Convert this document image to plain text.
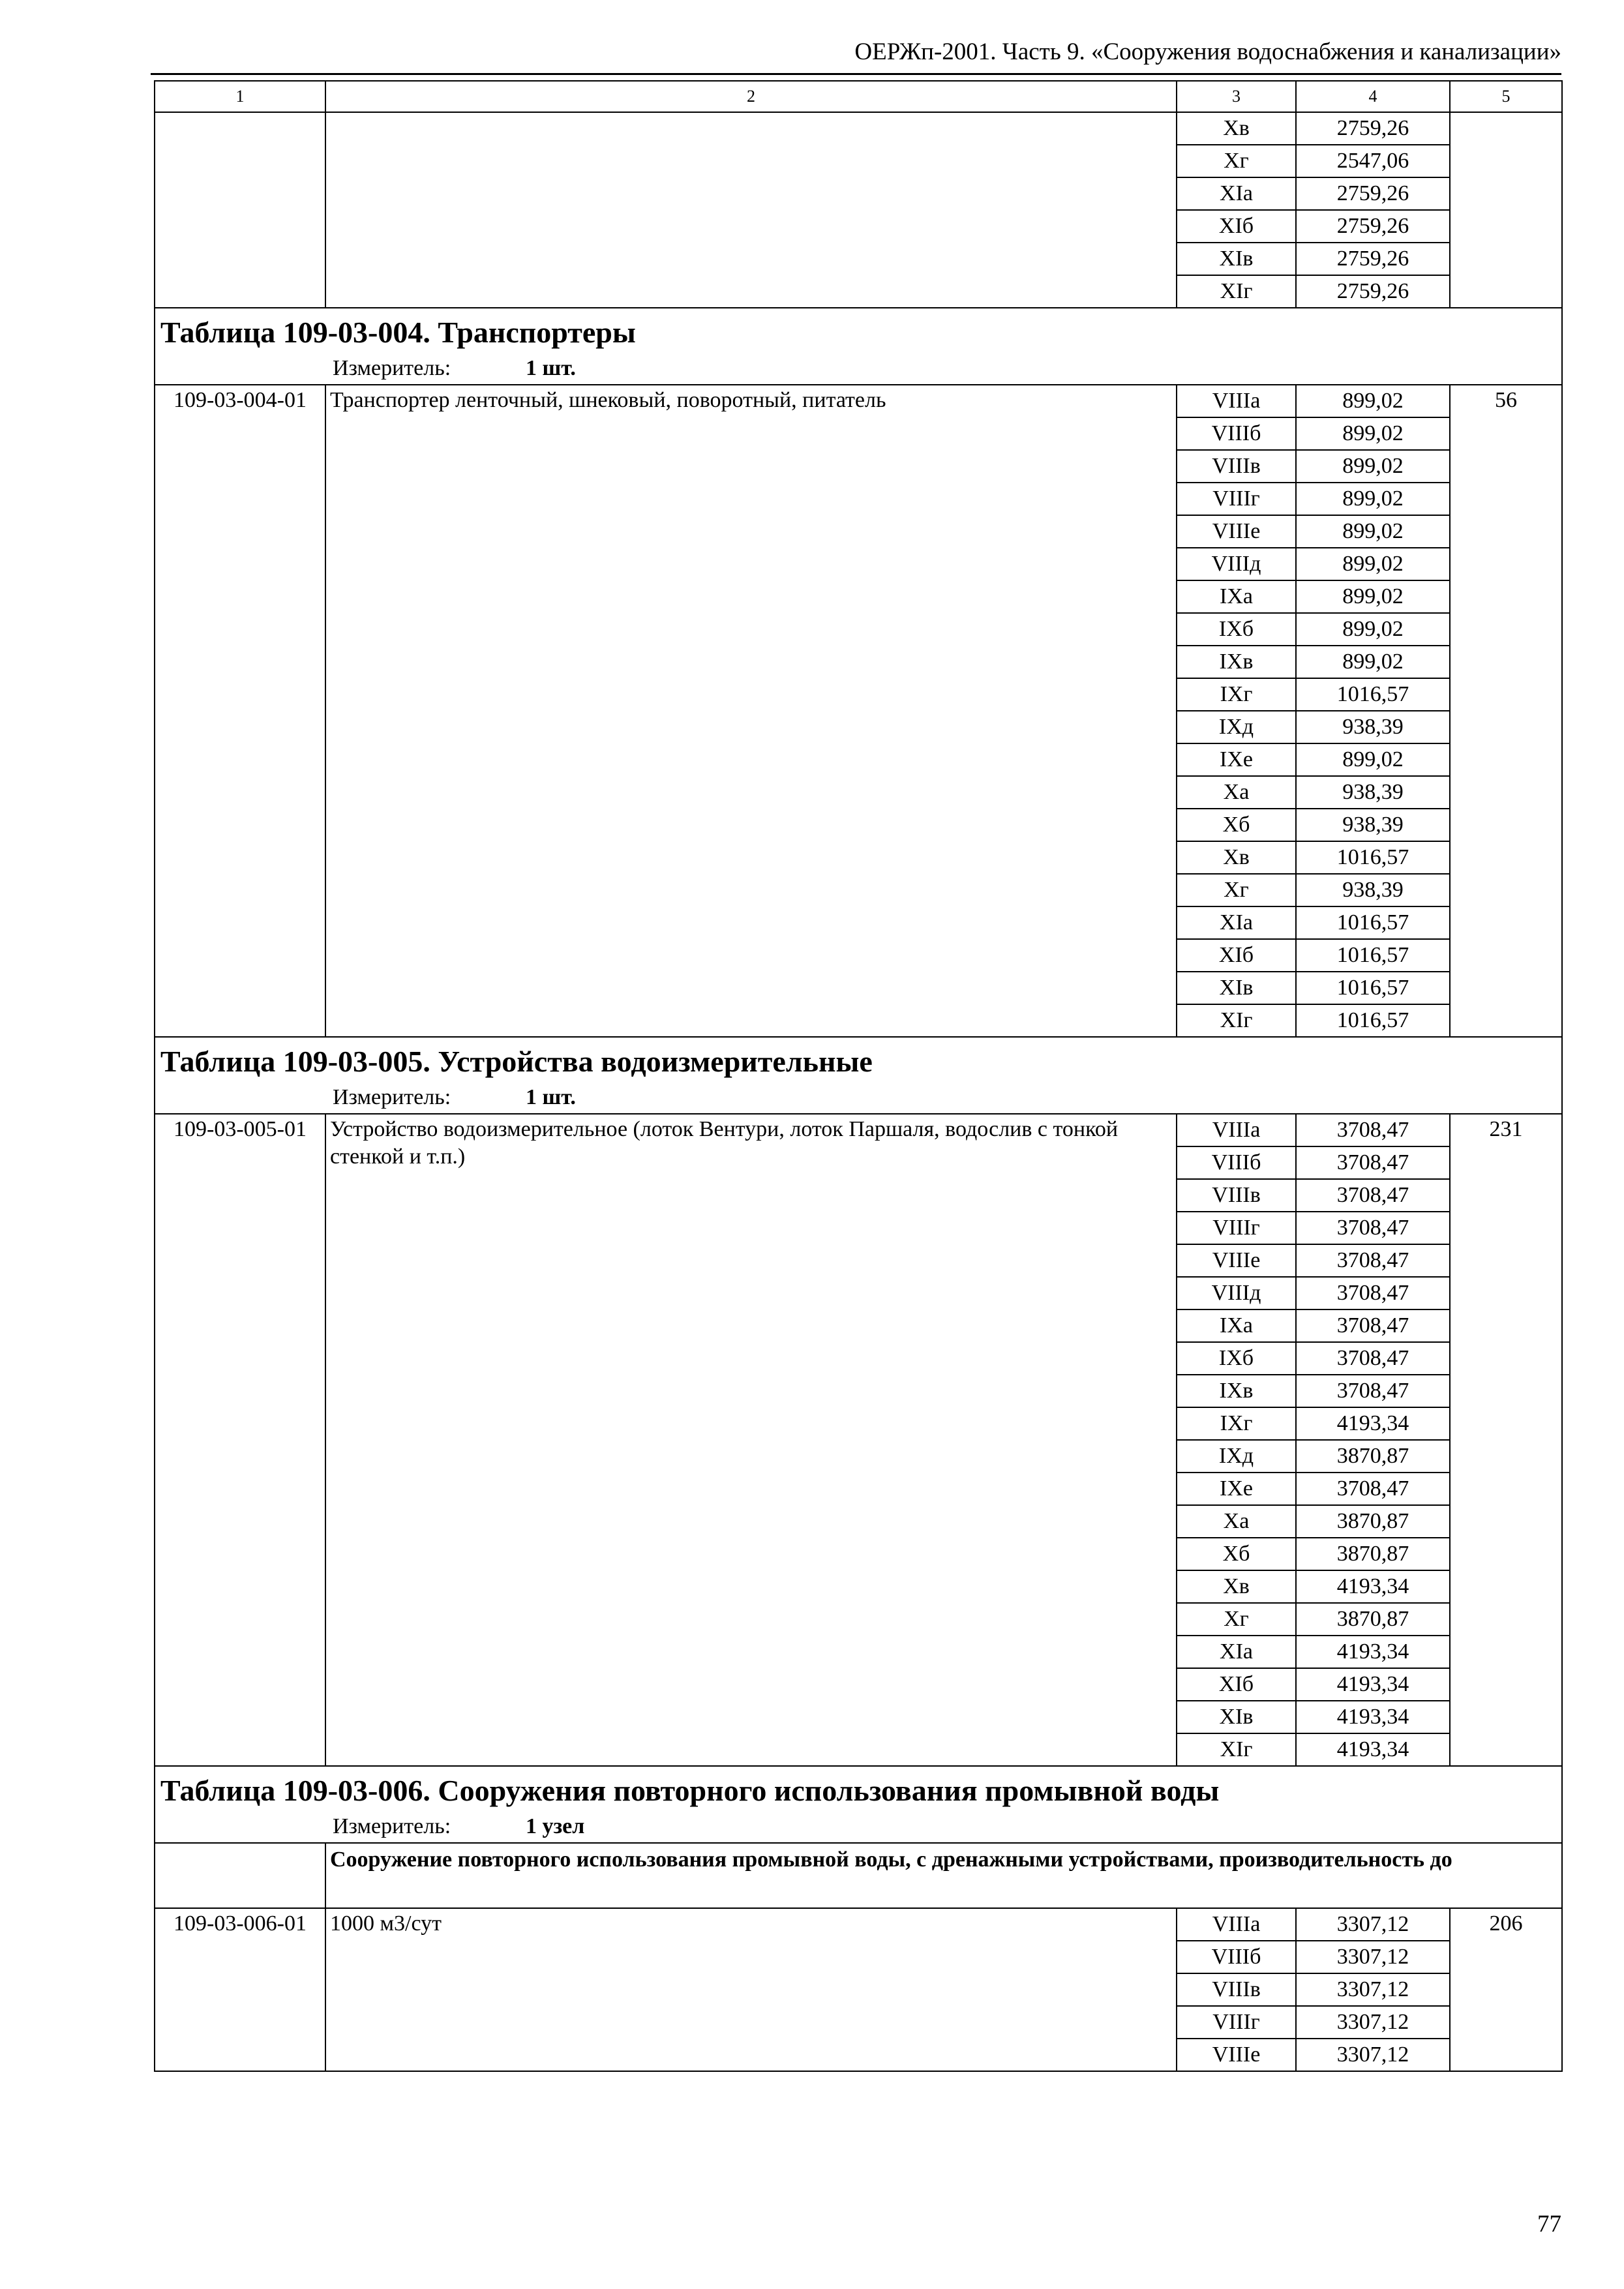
ОЕРЖп-2001. Часть 9. «Сооружения водоснабжения и канализации»
1	2	3	4	5
		Xв	2759,26	
		Xг	2547,06	
		XIа	2759,26	
		XIб	2759,26	
		XIв	2759,26	
		XIг	2759,26	
Таблица 109-03-004. Транспортеры				
Измеритель: 1 шт.				
109-03-004-01	Транспортер ленточный, шнековый, поворотный, питатель	VIIIа	899,02	56
		VIIIб	899,02	
		VIIIв	899,02	
		VIIIг	899,02	
		VIIIе	899,02	
		VIIIд	899,02	
		IXа	899,02	
		IXб	899,02	
		IXв	899,02	
		IXг	1016,57	
		IXд	938,39	
		IXе	899,02	
		Xа	938,39	
		Xб	938,39	
		Xв	1016,57	
		Xг	938,39	
		XIа	1016,57	
		XIб	1016,57	
		XIв	1016,57	
		XIг	1016,57	
Таблица 109-03-005. Устройства водоизмерительные				
Измеритель: 1 шт.				
109-03-005-01	Устройство водоизмерительное (лоток Вентури, лоток Паршаля, водослив с тонкой стенкой и т.п.)	VIIIа	3708,47	231
		VIIIб	3708,47	
		VIIIв	3708,47	
		VIIIг	3708,47	
		VIIIе	3708,47	
		VIIIд	3708,47	
		IXа	3708,47	
		IXб	3708,47	
		IXв	3708,47	
		IXг	4193,34	
		IXд	3870,87	
		IXе	3708,47	
		Xа	3870,87	
		Xб	3870,87	
		Xв	4193,34	
		Xг	3870,87	
		XIа	4193,34	
		XIб	4193,34	
		XIв	4193,34	
		XIг	4193,34	
Таблица 109-03-006. Сооружения повторного использования промывной воды				
Измеритель: 1 узел				
	Сооружение повторного использования промывной воды, с дренажными устройствами, производительность до			
109-03-006-01	1000 м3/сут	VIIIа	3307,12	206
		VIIIб	3307,12	
		VIIIв	3307,12	
		VIIIг	3307,12	
		VIIIе	3307,12	
77
